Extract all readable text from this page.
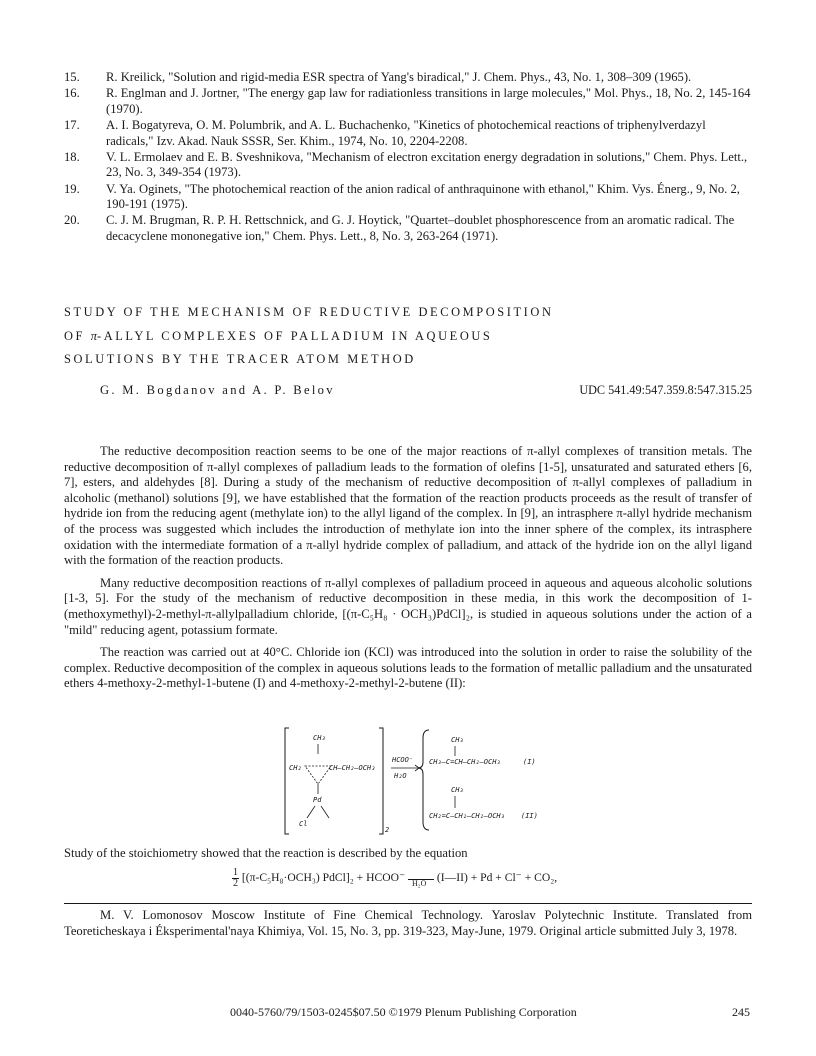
15. R. Kreilick, "Solution and rigid-media ESR spectra of Yang's biradical," J. Chem. Phys., 43, No. 1, 308–309 (1965).
16. R. Englman and J. Jortner, "The energy gap law for radiationless transitions in large molecules," Mol. Phys., 18, No. 2, 145-164 (1970).
17. A. I. Bogatyreva, O. M. Polumbrik, and A. L. Buchachenko, "Kinetics of photochemical reactions of triphenylverdazyl radicals," Izv. Akad. Nauk SSSR, Ser. Khim., 1974, No. 10, 2204-2208.
18. V. L. Ermolaev and E. B. Sveshnikova, "Mechanism of electron excitation energy degradation in solutions," Chem. Phys. Lett., 23, No. 3, 349-354 (1973).
19. V. Ya. Oginets, "The photochemical reaction of the anion radical of anthraquinone with ethanol," Khim. Vys. Énerg., 9, No. 2, 190-191 (1975).
20. C. J. M. Brugman, R. P. H. Rettschnick, and G. J. Hoytick, "Quartet–doublet phosphorescence from an aromatic radical. The decacyclene mononegative ion," Chem. Phys. Lett., 8, No. 3, 263-264 (1971).
STUDY OF THE MECHANISM OF REDUCTIVE DECOMPOSITION
OF π-ALLYL COMPLEXES OF PALLADIUM IN AQUEOUS
SOLUTIONS BY THE TRACER ATOM METHOD
G. M. Bogdanov and A. P. Belov	UDC 541.49:547.359.8:547.315.25

The reductive decomposition reaction seems to be one of the major reactions of π-allyl complexes of transition metals. The reductive decomposition of π-allyl complexes of palladium leads to the formation of olefins [1-5], unsaturated and saturated ethers [6, 7], esters, and aldehydes [8]. During a study of the mechanism of reductive decomposition of π-allyl complexes of palladium in alcoholic (methanol) solutions [9], we have established that the formation of the reaction products proceeds as the result of transfer of hydride ion from the reducing agent (methylate ion) to the allyl ligand of the complex. In [9], an intrasphere π-allyl hydride mechanism of the process was suggested which includes the introduction of methylate ion into the inner sphere of the complex, its intrasphere oxidation with the intermediate formation of a π-allyl hydride complex of palladium, and attack of the hydride ion on the allyl ligand with the formation of the reaction products.

Many reductive decomposition reactions of π-allyl complexes of palladium proceed in aqueous and aqueous alcoholic solutions [1-3, 5]. For the study of the mechanism of reductive decomposition in these media, in this work the decomposition of 1-(methoxymethyl)-2-methyl-π-allylpalladium chloride, [(π-C₅H₈ · OCH₃)PdCl]₂, is studied in aqueous solutions under the action of a "mild" reducing agent, potassium formate.

The reaction was carried out at 40°C. Chloride ion (KCl) was introduced into the solution in order to raise the solubility of the complex. Reductive decomposition of the complex in aqueous solutions leads to the formation of metallic palladium and the unsaturated ethers 4-methoxy-2-methyl-1-butene (I) and 4-methoxy-2-methyl-2-butene (II):

2
CH₃
CH₂	CH–CH₂–OCH₃
Pd
Cl
HCOO⁻
H₂O
CH₃
CH₃–C=CH–CH₂–OCH₃	(I)
CH₃
CH₂=C–CH₂–CH₂–OCH₃ (II)
Study of the stoichiometry showed that the reaction is described by the equation
$\frac{1}{2} [(\pi-C_5H_8\cdot OCH_3)$ PdCl]₂ + HCOO⁻ H₂O (I—II) + Pd + Cl⁻ + CO₂,

M. V. Lomonosov Moscow Institute of Fine Chemical Technology. Yaroslav Polytechnic Institute. Translated from Teoreticheskaya i Éksperimental'naya Khimiya, Vol. 15, No. 3, pp. 319-323, May-June, 1979. Original article submitted July 3, 1978.

0040-5760/79/1503-0245$07.50 ©1979 Plenum Publishing Corporation	245
